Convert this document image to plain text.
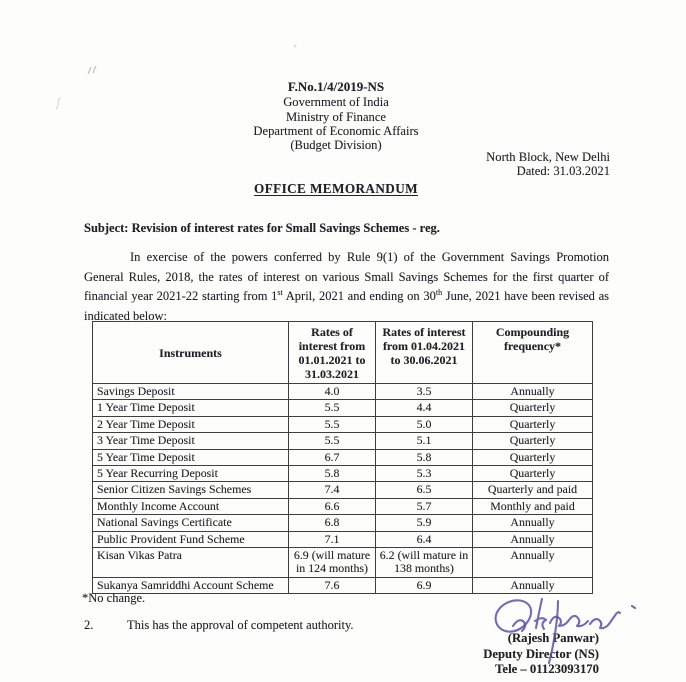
F.No.1/4/2019-NS
Government of India
Ministry of Finance
Department of Economic Affairs
(Budget Division)
North Block, New Delhi
Dated: 31.03.2021
OFFICE MEMORANDUM
Subject: Revision of interest rates for Small Savings Schemes - reg.

In exercise of the powers conferred by Rule 9(1) of the Government Savings Promotion General Rules, 2018, the rates of interest on various Small Savings Schemes for the first quarter of financial year 2021-22 starting from 1st April, 2021 and ending on 30th June, 2021 have been revised as indicated below:

Instruments	Rates of interest from 01.01.2021 to 31.03.2021	Rates of interest from 01.04.2021 to 30.06.2021	Compounding frequency*
Savings Deposit	4.0	3.5	Annually
1 Year Time Deposit	5.5	4.4	Quarterly
2 Year Time Deposit	5.5	5.0	Quarterly
3 Year Time Deposit	5.5	5.1	Quarterly
5 Year Time Deposit	6.7	5.8	Quarterly
5 Year Recurring Deposit	5.8	5.3	Quarterly
Senior Citizen Savings Schemes	7.4	6.5	Quarterly and paid
Monthly Income Account	6.6	5.7	Monthly and paid
National Savings Certificate	6.8	5.9	Annually
Public Provident Fund Scheme	7.1	6.4	Annually
Kisan Vikas Patra	6.9 (will mature in 124 months)	6.2 (will mature in 138 months)	Annually
Sukanya Samriddhi Account Scheme	7.6	6.9	Annually
*No change.
2.	This has the approval of competent authority.
(Rajesh Panwar)
Deputy Director (NS)
Tele – 01123093170
